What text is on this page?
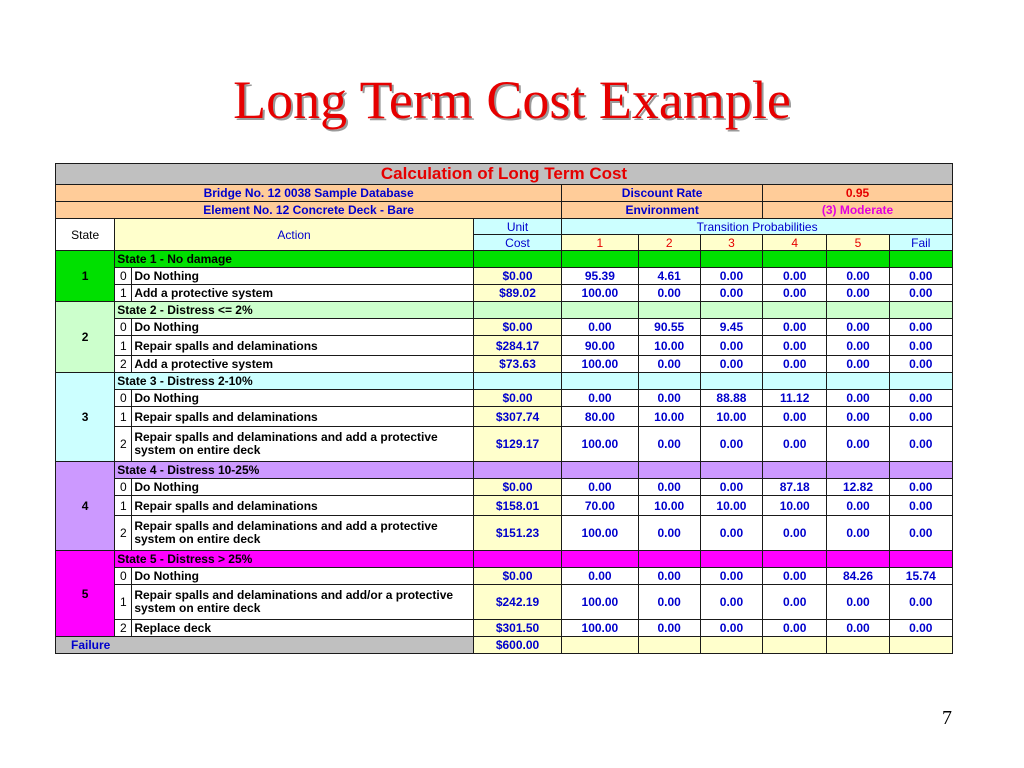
Long Term Cost Example
Calculation of Long Term Cost									
Bridge No. 12 0038 Sample Database				Discount Rate			0.95		
Element No. 12 Concrete Deck - Bare				Environment			(3) Moderate		
State	Action		Unit	Transition Probabilities					
			Cost	1	2	3	4	5	Fail
1	State 1 - No damage								
	0	Do Nothing	$0.00	95.39	4.61	0.00	0.00	0.00	0.00
	1	Add a protective system	$89.02	100.00	0.00	0.00	0.00	0.00	0.00
2	State 2 - Distress <= 2%								
	0	Do Nothing	$0.00	0.00	90.55	9.45	0.00	0.00	0.00
	1	Repair spalls and delaminations	$284.17	90.00	10.00	0.00	0.00	0.00	0.00
	2	Add a protective system	$73.63	100.00	0.00	0.00	0.00	0.00	0.00
3	State 3 - Distress 2-10%								
	0	Do Nothing	$0.00	0.00	0.00	88.88	11.12	0.00	0.00
	1	Repair spalls and delaminations	$307.74	80.00	10.00	10.00	0.00	0.00	0.00
	2	Repair spalls and delaminations and add a protective system on entire deck	$129.17	100.00	0.00	0.00	0.00	0.00	0.00
4	State 4 - Distress 10-25%								
	0	Do Nothing	$0.00	0.00	0.00	0.00	87.18	12.82	0.00
	1	Repair spalls and delaminations	$158.01	70.00	10.00	10.00	10.00	0.00	0.00
	2	Repair spalls and delaminations and add a protective system on entire deck	$151.23	100.00	0.00	0.00	0.00	0.00	0.00
5	State 5 - Distress > 25%								
	0	Do Nothing	$0.00	0.00	0.00	0.00	0.00	84.26	15.74
	1	Repair spalls and delaminations and add/or a protective system on entire deck	$242.19	100.00	0.00	0.00	0.00	0.00	0.00
	2	Replace deck	$301.50	100.00	0.00	0.00	0.00	0.00	0.00
Failure			$600.00						
7
